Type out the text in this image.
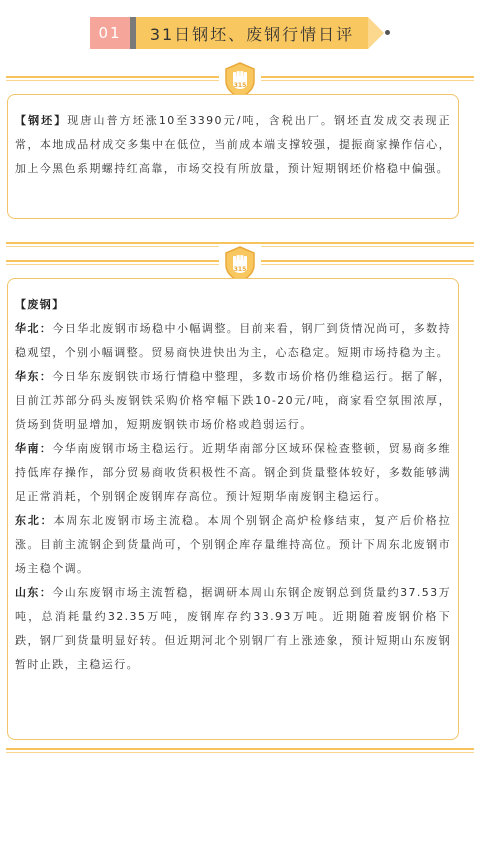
01	31日钢坯、废钢行情日评
315

【钢坯】现唐山普方坯涨10至3390元/吨，含税出厂。钢坯直发成交表现正常，本地成品材成交多集中在低位，当前成本端支撑较强，提振商家操作信心，加上今黑色系期螺持红高靠，市场交投有所放量，预计短期钢坯价格稳中偏强。

315

【废钢】

华北：今日华北废钢市场稳中小幅调整。目前来看，钢厂到货情况尚可，多数持稳观望，个别小幅调整。贸易商快进快出为主，心态稳定。短期市场持稳为主。

华东：今日华东废钢铁市场行情稳中整理，多数市场价格仍维稳运行。据了解，目前江苏部分码头废钢铁采购价格窄幅下跌10-20元/吨，商家看空氛围浓厚，货场到货明显增加，短期废钢铁市场价格或趋弱运行。

华南：今华南废钢市场主稳运行。近期华南部分区域环保检查整顿，贸易商多维持低库存操作，部分贸易商收货积极性不高。钢企到货量整体较好，多数能够满足正常消耗，个别钢企废钢库存高位。预计短期华南废钢主稳运行。

东北：本周东北废钢市场主流稳。本周个别钢企高炉检修结束，复产后价格拉涨。目前主流钢企到货量尚可，个别钢企库存量维持高位。预计下周东北废钢市场主稳个调。

山东：今山东废钢市场主流暂稳，据调研本周山东钢企废钢总到货量约37.53万吨，总消耗量约32.35万吨，废钢库存约33.93万吨。近期随着废钢价格下跌，钢厂到货量明显好转。但近期河北个别钢厂有上涨迹象，预计短期山东废钢暂时止跌，主稳运行。
